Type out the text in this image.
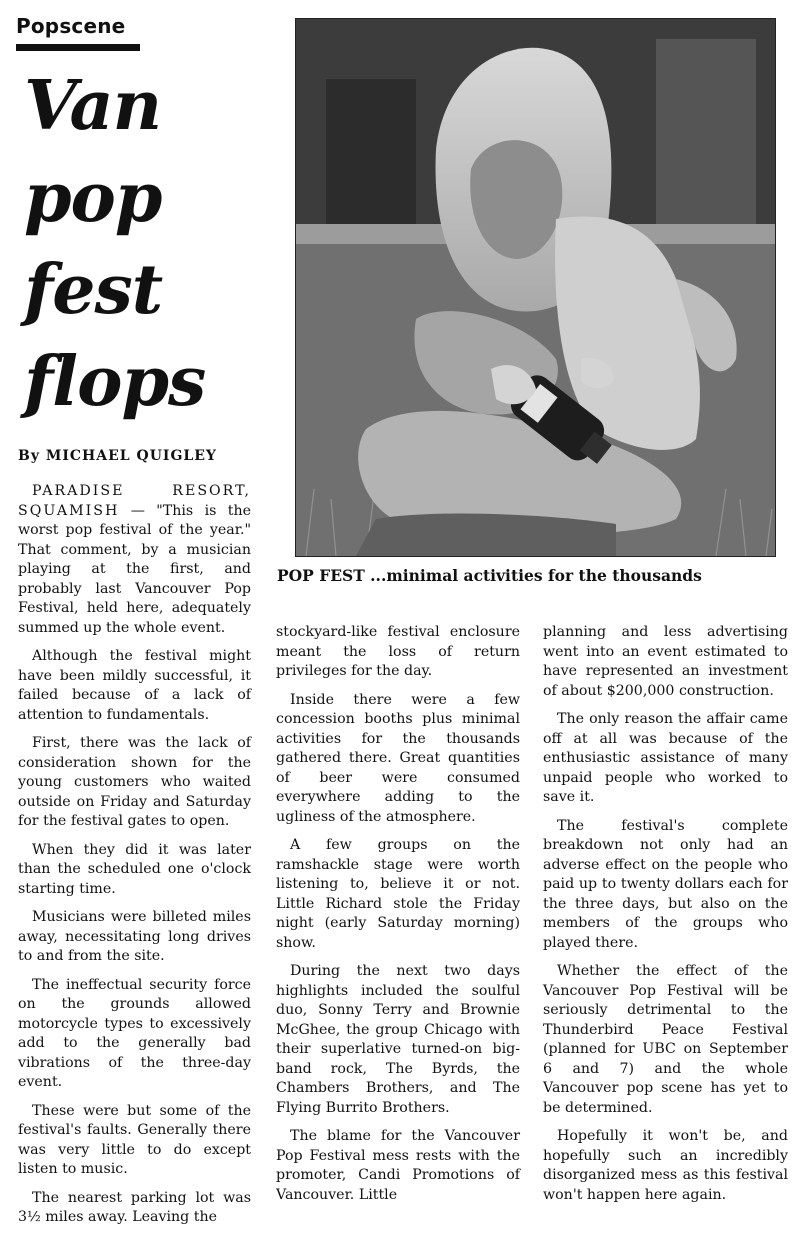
Popscene
Van
pop
fest
flops
By MICHAEL QUIGLEY
POP FEST ...minimal activities for the thousands

PARADISE RESORT, SQUAMISH — "This is the worst pop festival of the year." That comment, by a musician playing at the first, and probably last Vancouver Pop Festival, held here, adequately summed up the whole event.

Although the festival might have been mildly successful, it failed because of a lack of attention to fundamentals.

First, there was the lack of consideration shown for the young customers who waited outside on Friday and Saturday for the festival gates to open.

When they did it was later than the scheduled one o'clock starting time.

Musicians were billeted miles away, necessitating long drives to and from the site.

The ineffectual security force on the grounds allowed motorcycle types to excessively add to the generally bad vibrations of the three-day event.

These were but some of the festival's faults. Generally there was very little to do except listen to music.

The nearest parking lot was 3½ miles away. Leaving the

stockyard-like festival enclosure meant the loss of return privileges for the day.

Inside there were a few concession booths plus minimal activities for the thousands gathered there. Great quantities of beer were consumed everywhere adding to the ugliness of the atmosphere.

A few groups on the ramshackle stage were worth listening to, believe it or not. Little Richard stole the Friday night (early Saturday morning) show.

During the next two days highlights included the soulful duo, Sonny Terry and Brownie McGhee, the group Chicago with their superlative turned-on big-band rock, The Byrds, the Chambers Brothers, and The Flying Burrito Brothers.

The blame for the Vancouver Pop Festival mess rests with the promoter, Candi Promotions of Vancouver. Little

planning and less advertising went into an event estimated to have represented an investment of about $200,000 construction.

The only reason the affair came off at all was because of the enthusiastic assistance of many unpaid people who worked to save it.

The festival's complete breakdown not only had an adverse effect on the people who paid up to twenty dollars each for the three days, but also on the members of the groups who played there.

Whether the effect of the Vancouver Pop Festival will be seriously detrimental to the Thunderbird Peace Festival (planned for UBC on September 6 and 7) and the whole Vancouver pop scene has yet to be determined.

Hopefully it won't be, and hopefully such an incredibly disorganized mess as this festival won't happen here again.
